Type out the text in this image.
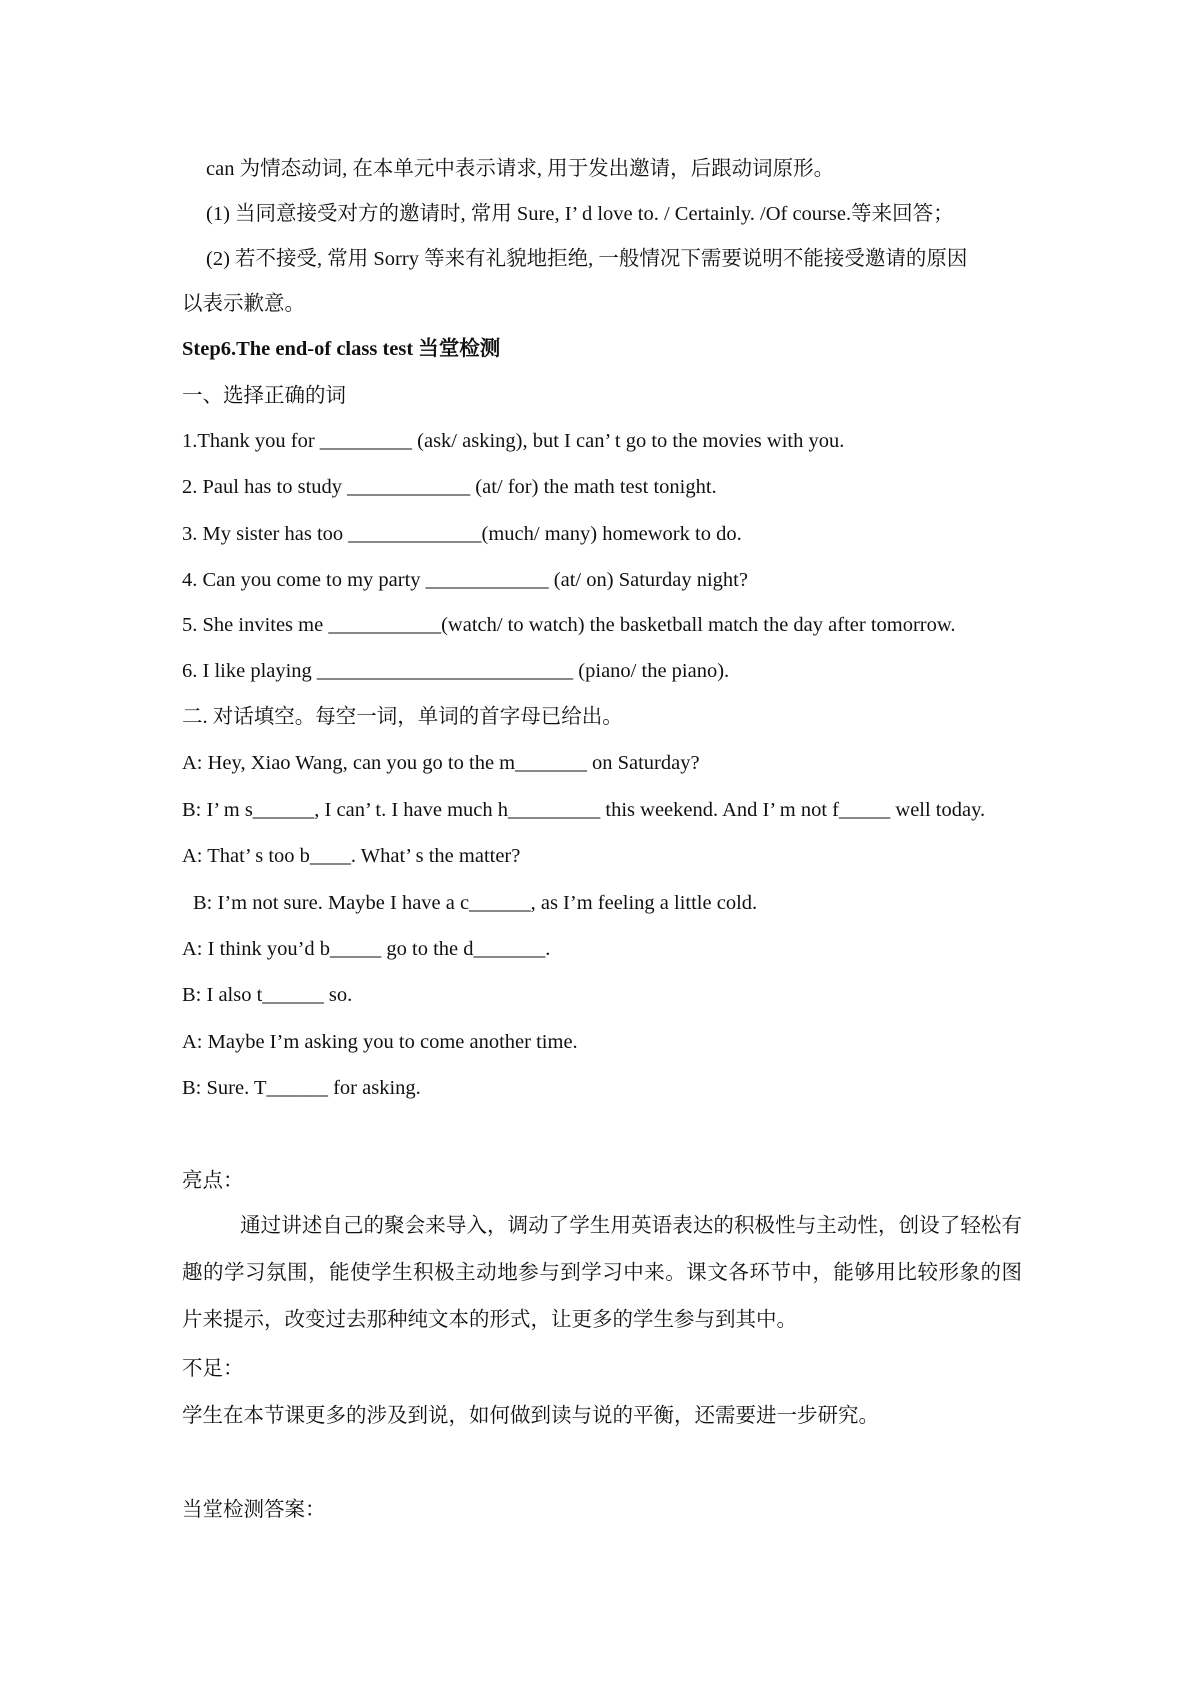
can 为情态动词, 在本单元中表示请求, 用于发出邀请，后跟动词原形。
(1) 当同意接受对方的邀请时, 常用 Sure, I’ d love to. / Certainly. /Of course.等来回答；
(2) 若不接受, 常用 Sorry 等来有礼貌地拒绝, 一般情况下需要说明不能接受邀请的原因
以表示歉意。
Step6.The end-of class test 当堂检测
一、选择正确的词
1.Thank you for _________ (ask/ asking), but I can’ t go to the movies with you.
2. Paul has to study ____________ (at/ for) the math test tonight.
3. My sister has too _____________(much/ many) homework to do.
4. Can you come to my party ____________ (at/ on) Saturday night?
5. She invites me ___________(watch/ to watch) the basketball match the day after tomorrow.
6. I like playing _________________________ (piano/ the piano).
二. 对话填空。每空一词，单词的首字母已给出。
A: Hey, Xiao Wang, can you go to the m_______ on Saturday?
B: I’ m s______, I can’ t. I have much h_________ this weekend. And I’ m not f_____ well today.
A: That’ s too b____. What’ s the matter?
B: I’m not sure. Maybe I have a c______, as I’m feeling a little cold.
A: I think you’d b_____ go to the d_______.
B: I also t______ so.
A: Maybe I’m asking you to come another time.
B: Sure. T______ for asking.
亮点：
通过讲述自己的聚会来导入，调动了学生用英语表达的积极性与主动性，创设了轻松有趣的学习氛围，能使学生积极主动地参与到学习中来。课文各环节中，能够用比较形象的图片来提示，改变过去那种纯文本的形式，让更多的学生参与到其中。
不足：
学生在本节课更多的涉及到说，如何做到读与说的平衡，还需要进一步研究。
当堂检测答案：
